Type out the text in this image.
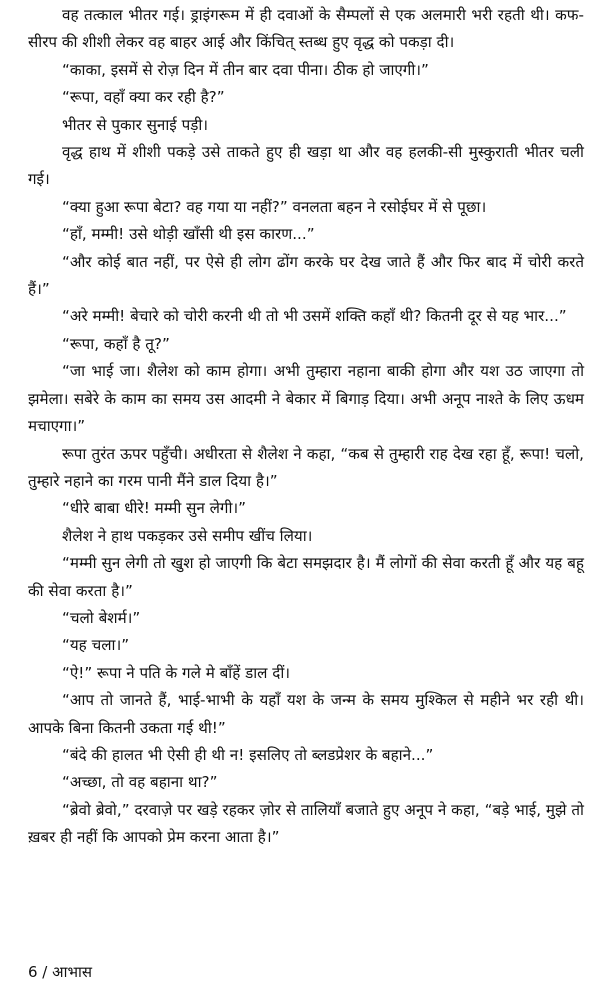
वह तत्काल भीतर गई। ड्राइंगरूम में ही दवाओं के सैम्पलों से एक अलमारी भरी रहती थी। कफ-सीरप की शीशी लेकर वह बाहर आई और किंचित् स्तब्ध हुए वृद्ध को पकड़ा दी।

“काका, इसमें से रोज़ दिन में तीन बार दवा पीना। ठीक हो जाएगी।”

“रूपा, वहाँ क्या कर रही है?”

भीतर से पुकार सुनाई पड़ी।

वृद्ध हाथ में शीशी पकड़े उसे ताकते हुए ही खड़ा था और वह हलकी-सी मुस्कुराती भीतर चली गई।

“क्या हुआ रूपा बेटा? वह गया या नहीं?” वनलता बहन ने रसोईघर में से पूछा।

“हाँ, मम्मी! उसे थोड़ी खाँसी थी इस कारण...”

“और कोई बात नहीं, पर ऐसे ही लोग ढोंग करके घर देख जाते हैं और फिर बाद में चोरी करते हैं।”

“अरे मम्मी! बेचारे को चोरी करनी थी तो भी उसमें शक्ति कहाँ थी? कितनी दूर से यह भार...”

“रूपा, कहाँ है तू?”

“जा भाई जा। शैलेश को काम होगा। अभी तुम्हारा नहाना बाकी होगा और यश उठ जाएगा तो झमेला। सबेरे के काम का समय उस आदमी ने बेकार में बिगाड़ दिया। अभी अनूप नाश्ते के लिए ऊधम मचाएगा।”

रूपा तुरंत ऊपर पहुँची। अधीरता से शैलेश ने कहा, “कब से तुम्हारी राह देख रहा हूँ, रूपा! चलो, तुम्हारे नहाने का गरम पानी मैंने डाल दिया है।”

“धीरे बाबा धीरे! मम्मी सुन लेगी।”

शैलेश ने हाथ पकड़कर उसे समीप खींच लिया।

“मम्मी सुन लेगी तो खुश हो जाएगी कि बेटा समझदार है। मैं लोगों की सेवा करती हूँ और यह बहू की सेवा करता है।”

“चलो बेशर्म।”

“यह चला।”

“ऐ!” रूपा ने पति के गले मे बाँहें डाल दीं।

“आप तो जानते हैं, भाई-भाभी के यहाँ यश के जन्म के समय मुश्किल से महीने भर रही थी। आपके बिना कितनी उकता गई थी!”

“बंदे की हालत भी ऐसी ही थी न! इसलिए तो ब्लडप्रेशर के बहाने...”

“अच्छा, तो वह बहाना था?”

“ब्रेवो ब्रेवो,” दरवाज़े पर खड़े रहकर ज़ोर से तालियाँ बजाते हुए अनूप ने कहा, “बड़े भाई, मुझे तो ख़बर ही नहीं कि आपको प्रेम करना आता है।”

6 / आभास
